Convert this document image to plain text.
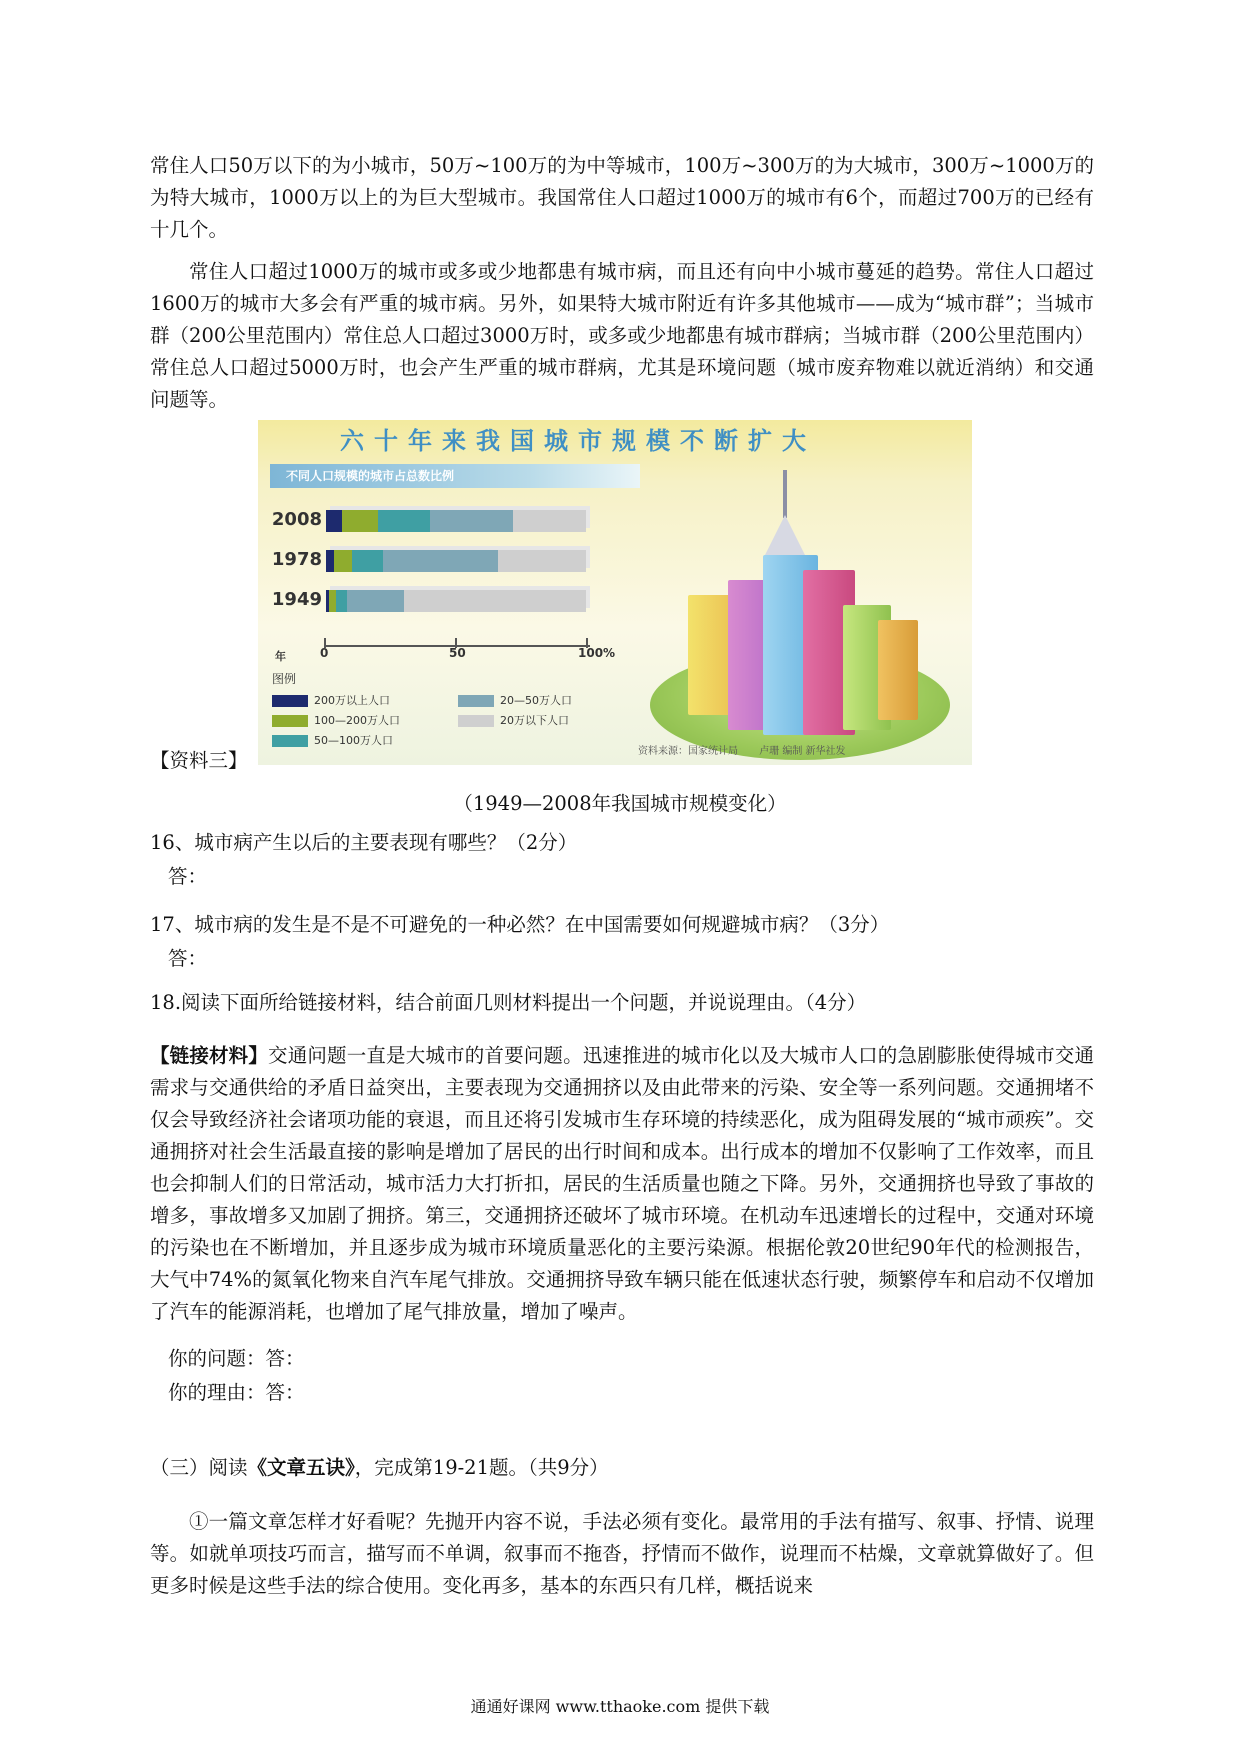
常住人口50万以下的为小城市，50万~100万的为中等城市，100万~300万的为大城市，300万~1000万的为特大城市，1000万以上的为巨大型城市。我国常住人口超过1000万的城市有6个，而超过700万的已经有十几个。

常住人口超过1000万的城市或多或少地都患有城市病，而且还有向中小城市蔓延的趋势。常住人口超过1600万的城市大多会有严重的城市病。另外，如果特大城市附近有许多其他城市——成为“城市群”；当城市群（200公里范围内）常住总人口超过3000万时，或多或少地都患有城市群病；当城市群（200公里范围内）常住总人口超过5000万时，也会产生严重的城市群病，尤其是环境问题（城市废弃物难以就近消纳）和交通问题等。

【资料三】
六十年来我国城市规模不断扩大
不同人口规模的城市占总数比例
2008
1978
1949
年	0	50	100%
图例
200万以上人口
100—200万人口
50—100万人口
20—50万人口
20万以下人口
资料来源：国家统计局 卢珊 编制 新华社发
（1949—2008年我国城市规模变化）
16、城市病产生以后的主要表现有哪些？（2分）
答：
17、城市病的发生是不是不可避免的一种必然？在中国需要如何规避城市病？（3分）
答：
18.阅读下面所给链接材料，结合前面几则材料提出一个问题，并说说理由。（4分）

【链接材料】交通问题一直是大城市的首要问题。迅速推进的城市化以及大城市人口的急剧膨胀使得城市交通需求与交通供给的矛盾日益突出，主要表现为交通拥挤以及由此带来的污染、安全等一系列问题。交通拥堵不仅会导致经济社会诸项功能的衰退，而且还将引发城市生存环境的持续恶化，成为阻碍发展的“城市顽疾”。交通拥挤对社会生活最直接的影响是增加了居民的出行时间和成本。出行成本的增加不仅影响了工作效率，而且也会抑制人们的日常活动，城市活力大打折扣，居民的生活质量也随之下降。另外，交通拥挤也导致了事故的增多，事故增多又加剧了拥挤。第三，交通拥挤还破坏了城市环境。在机动车迅速增长的过程中，交通对环境的污染也在不断增加，并且逐步成为城市环境质量恶化的主要污染源。根据伦敦20世纪90年代的检测报告，大气中74%的氮氧化物来自汽车尾气排放。交通拥挤导致车辆只能在低速状态行驶，频繁停车和启动不仅增加了汽车的能源消耗，也增加了尾气排放量，增加了噪声。

你的问题：答：
你的理由：答：
（三）阅读《文章五诀》，完成第19-21题。（共9分）

①一篇文章怎样才好看呢？先抛开内容不说，手法必须有变化。最常用的手法有描写、叙事、抒情、说理等。如就单项技巧而言，描写而不单调，叙事而不拖沓，抒情而不做作，说理而不枯燥，文章就算做好了。但更多时候是这些手法的综合使用。变化再多，基本的东西只有几样，概括说来

通通好课网 www.tthaoke.com 提供下载
